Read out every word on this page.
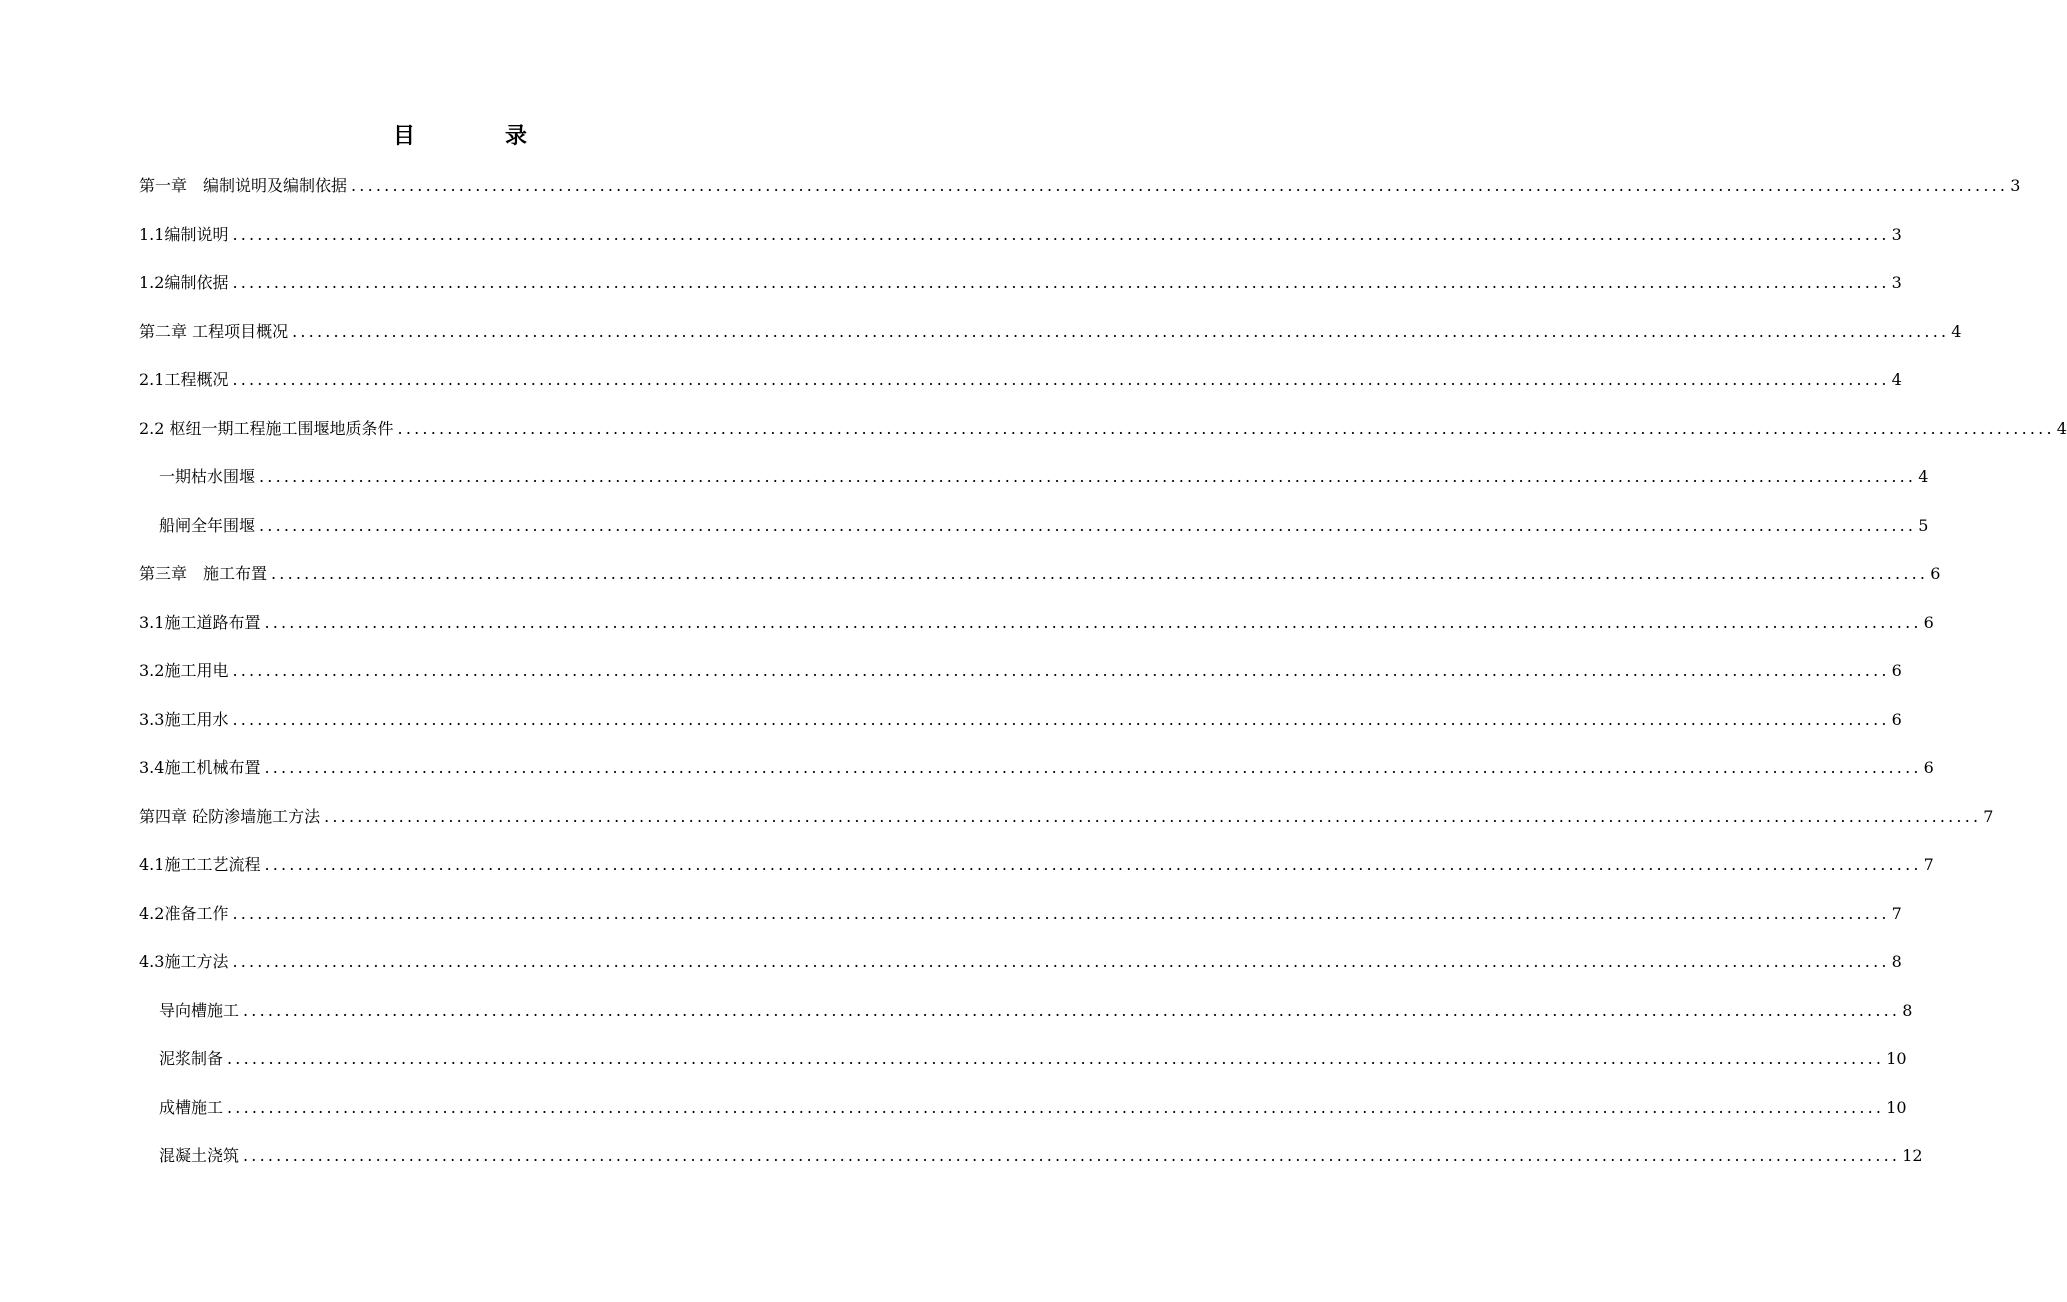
目　录
第一章　编制说明及编制依据 ........................................................................................................................................................................................................ 3
1.1编制说明 ........................................................................................................................................................................................................ 3
1.2编制依据 ........................................................................................................................................................................................................ 3
第二章 工程项目概况 ........................................................................................................................................................................................................ 4
2.1工程概况 ........................................................................................................................................................................................................ 4
2.2 枢纽一期工程施工围堰地质条件 ........................................................................................................................................................................................................ 4
一期枯水围堰 ........................................................................................................................................................................................................ 4
船闸全年围堰 ........................................................................................................................................................................................................ 5
第三章　施工布置 ........................................................................................................................................................................................................ 6
3.1施工道路布置 ........................................................................................................................................................................................................ 6
3.2施工用电 ........................................................................................................................................................................................................ 6
3.3施工用水 ........................................................................................................................................................................................................ 6
3.4施工机械布置 ........................................................................................................................................................................................................ 6
第四章 砼防渗墙施工方法 ........................................................................................................................................................................................................ 7
4.1施工工艺流程 ........................................................................................................................................................................................................ 7
4.2准备工作 ........................................................................................................................................................................................................ 7
4.3施工方法 ........................................................................................................................................................................................................ 8
导向槽施工 ........................................................................................................................................................................................................ 8
泥浆制备 ........................................................................................................................................................................................................ 10
成槽施工 ........................................................................................................................................................................................................ 10
混凝土浇筑 ........................................................................................................................................................................................................ 12
